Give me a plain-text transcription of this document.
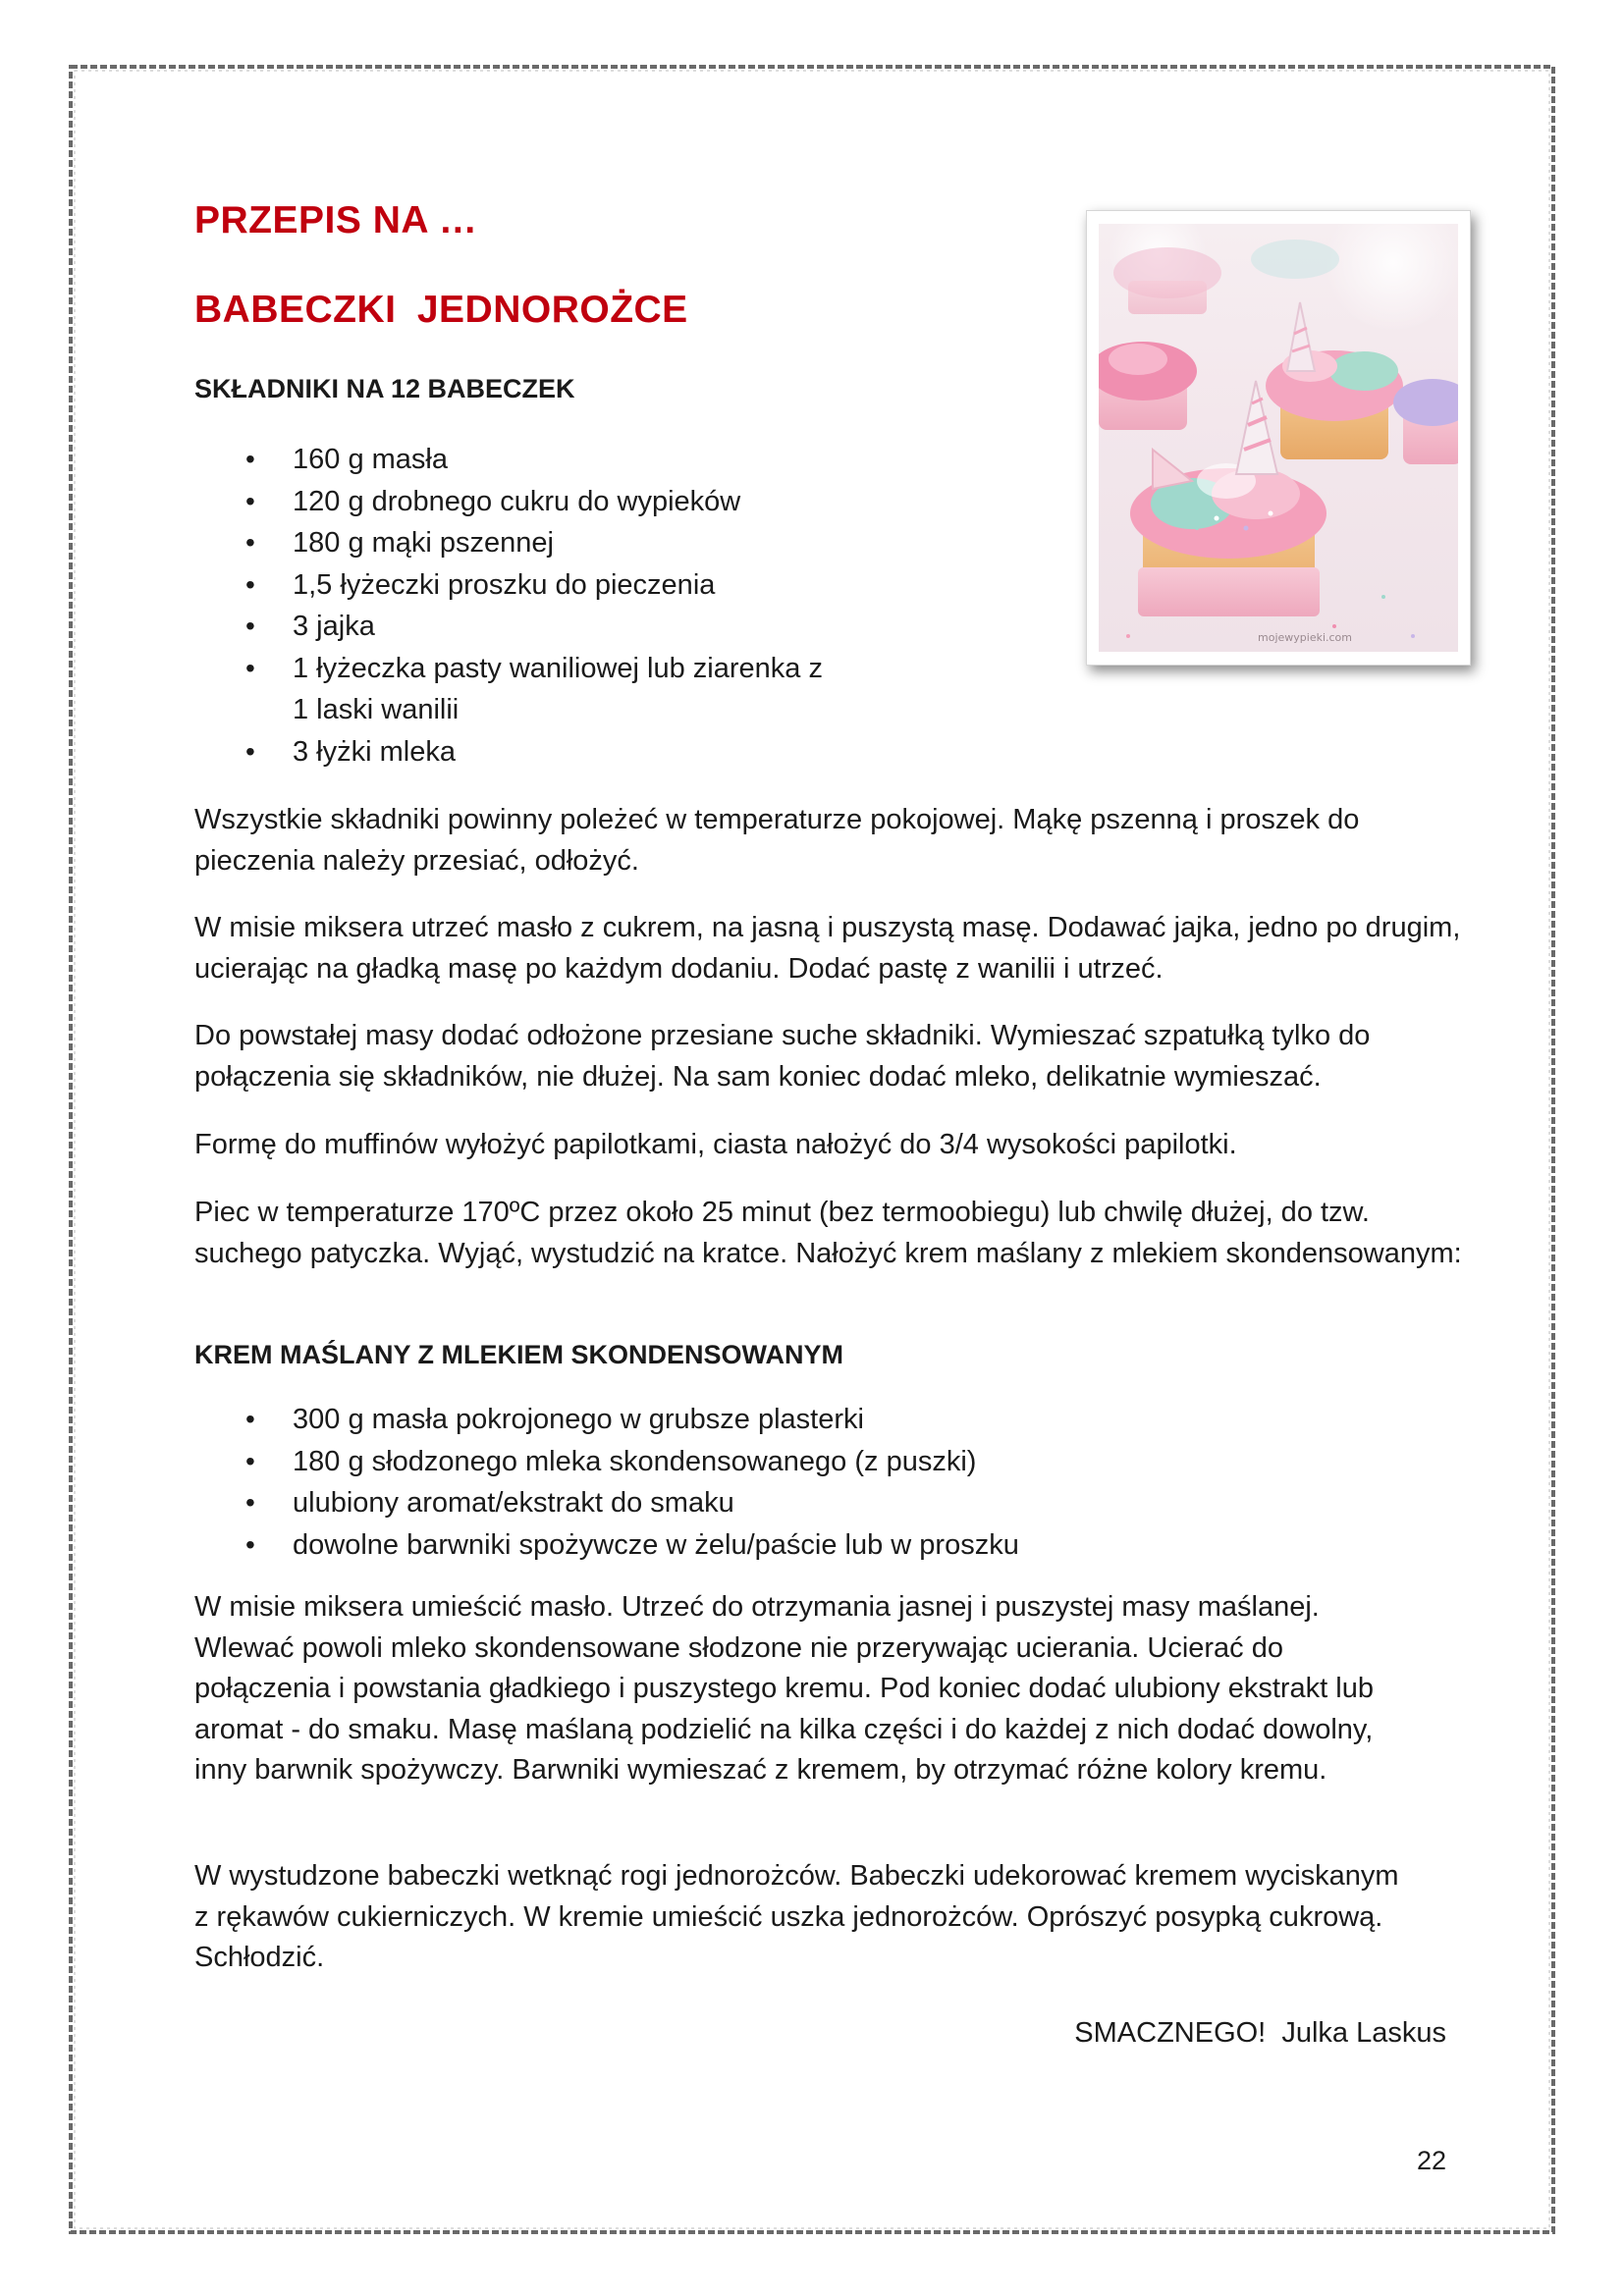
PRZEPIS NA …
BABECZKI JEDNOROŻCE
SKŁADNIKI NA 12 BABECZEK
• 160 g masła
• 120 g drobnego cukru do wypieków
• 180 g mąki pszennej
• 1,5 łyżeczki proszku do pieczenia
• 3 jajka
• 1 łyżeczka pasty waniliowej lub ziarenka z 1 laski wanilii
• 3 łyżki mleka

Wszystkie składniki powinny poleżeć w temperaturze pokojowej. Mąkę pszenną i proszek do pieczenia należy przesiać, odłożyć.

W misie miksera utrzeć masło z cukrem, na jasną i puszystą masę. Dodawać jajka, jedno po drugim, ucierając na gładką masę po każdym dodaniu. Dodać pastę z wanilii i utrzeć.

Do powstałej masy dodać odłożone przesiane suche składniki. Wymieszać szpatułką tylko do połączenia się składników, nie dłużej. Na sam koniec dodać mleko, delikatnie wymieszać.

Formę do muffinów wyłożyć papilotkami, ciasta nałożyć do 3/4 wysokości papilotki.

Piec w temperaturze 170ºC przez około 25 minut (bez termoobiegu) lub chwilę dłużej, do tzw. suchego patyczka. Wyjąć, wystudzić na kratce. Nałożyć krem maślany z mlekiem skondensowanym:

KREM MAŚLANY Z MLEKIEM SKONDENSOWANYM
• 300 g masła pokrojonego w grubsze plasterki
• 180 g słodzonego mleka skondensowanego (z puszki)
• ulubiony aromat/ekstrakt do smaku
• dowolne barwniki spożywcze w żelu/paście lub w proszku

W misie miksera umieścić masło. Utrzeć do otrzymania jasnej i puszystej masy maślanej. Wlewać powoli mleko skondensowane słodzone nie przerywając ucierania. Ucierać do połączenia i powstania gładkiego i puszystego kremu. Pod koniec dodać ulubiony ekstrakt lub aromat - do smaku. Masę maślaną podzielić na kilka części i do każdej z nich dodać dowolny, inny barwnik spożywczy. Barwniki wymieszać z kremem, by otrzymać różne kolory kremu.

W wystudzone babeczki wetknąć rogi jednorożców. Babeczki udekorować kremem wyciskanym z rękawów cukierniczych. W kremie umieścić uszka jednorożców. Oprószyć posypką cukrową. Schłodzić.

SMACZNEGO!  Julka Laskus

22

mojewypieki.com
